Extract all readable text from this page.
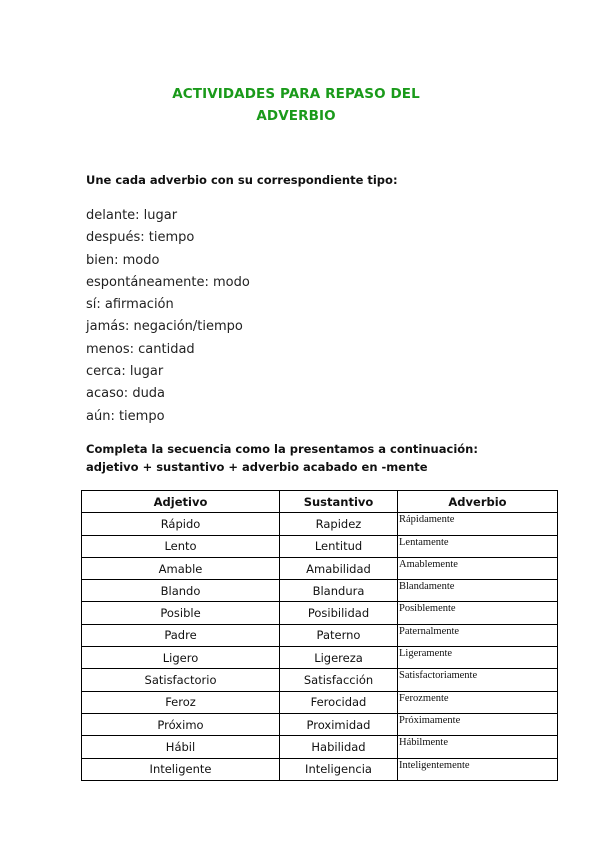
ACTIVIDADES PARA REPASO DEL
ADVERBIO
Une cada adverbio con su correspondiente tipo:
delante: lugar
después: tiempo
bien: modo
espontáneamente: modo
sí: afirmación
jamás: negación/tiempo
menos: cantidad
cerca: lugar
acaso: duda
aún: tiempo
Completa la secuencia como la presentamos a continuación: adjetivo + sustantivo + adverbio acabado en -mente
Adjetivo	Sustantivo	Adverbio
Rápido	Rapidez	Rápidamente
Lento	Lentitud	Lentamente
Amable	Amabilidad	Amablemente
Blando	Blandura	Blandamente
Posible	Posibilidad	Posiblemente
Padre	Paterno	Paternalmente
Ligero	Ligereza	Ligeramente
Satisfactorio	Satisfacción	Satisfactoriamente
Feroz	Ferocidad	Ferozmente
Próximo	Proximidad	Próximamente
Hábil	Habilidad	Hábilmente
Inteligente	Inteligencia	Inteligentemente
